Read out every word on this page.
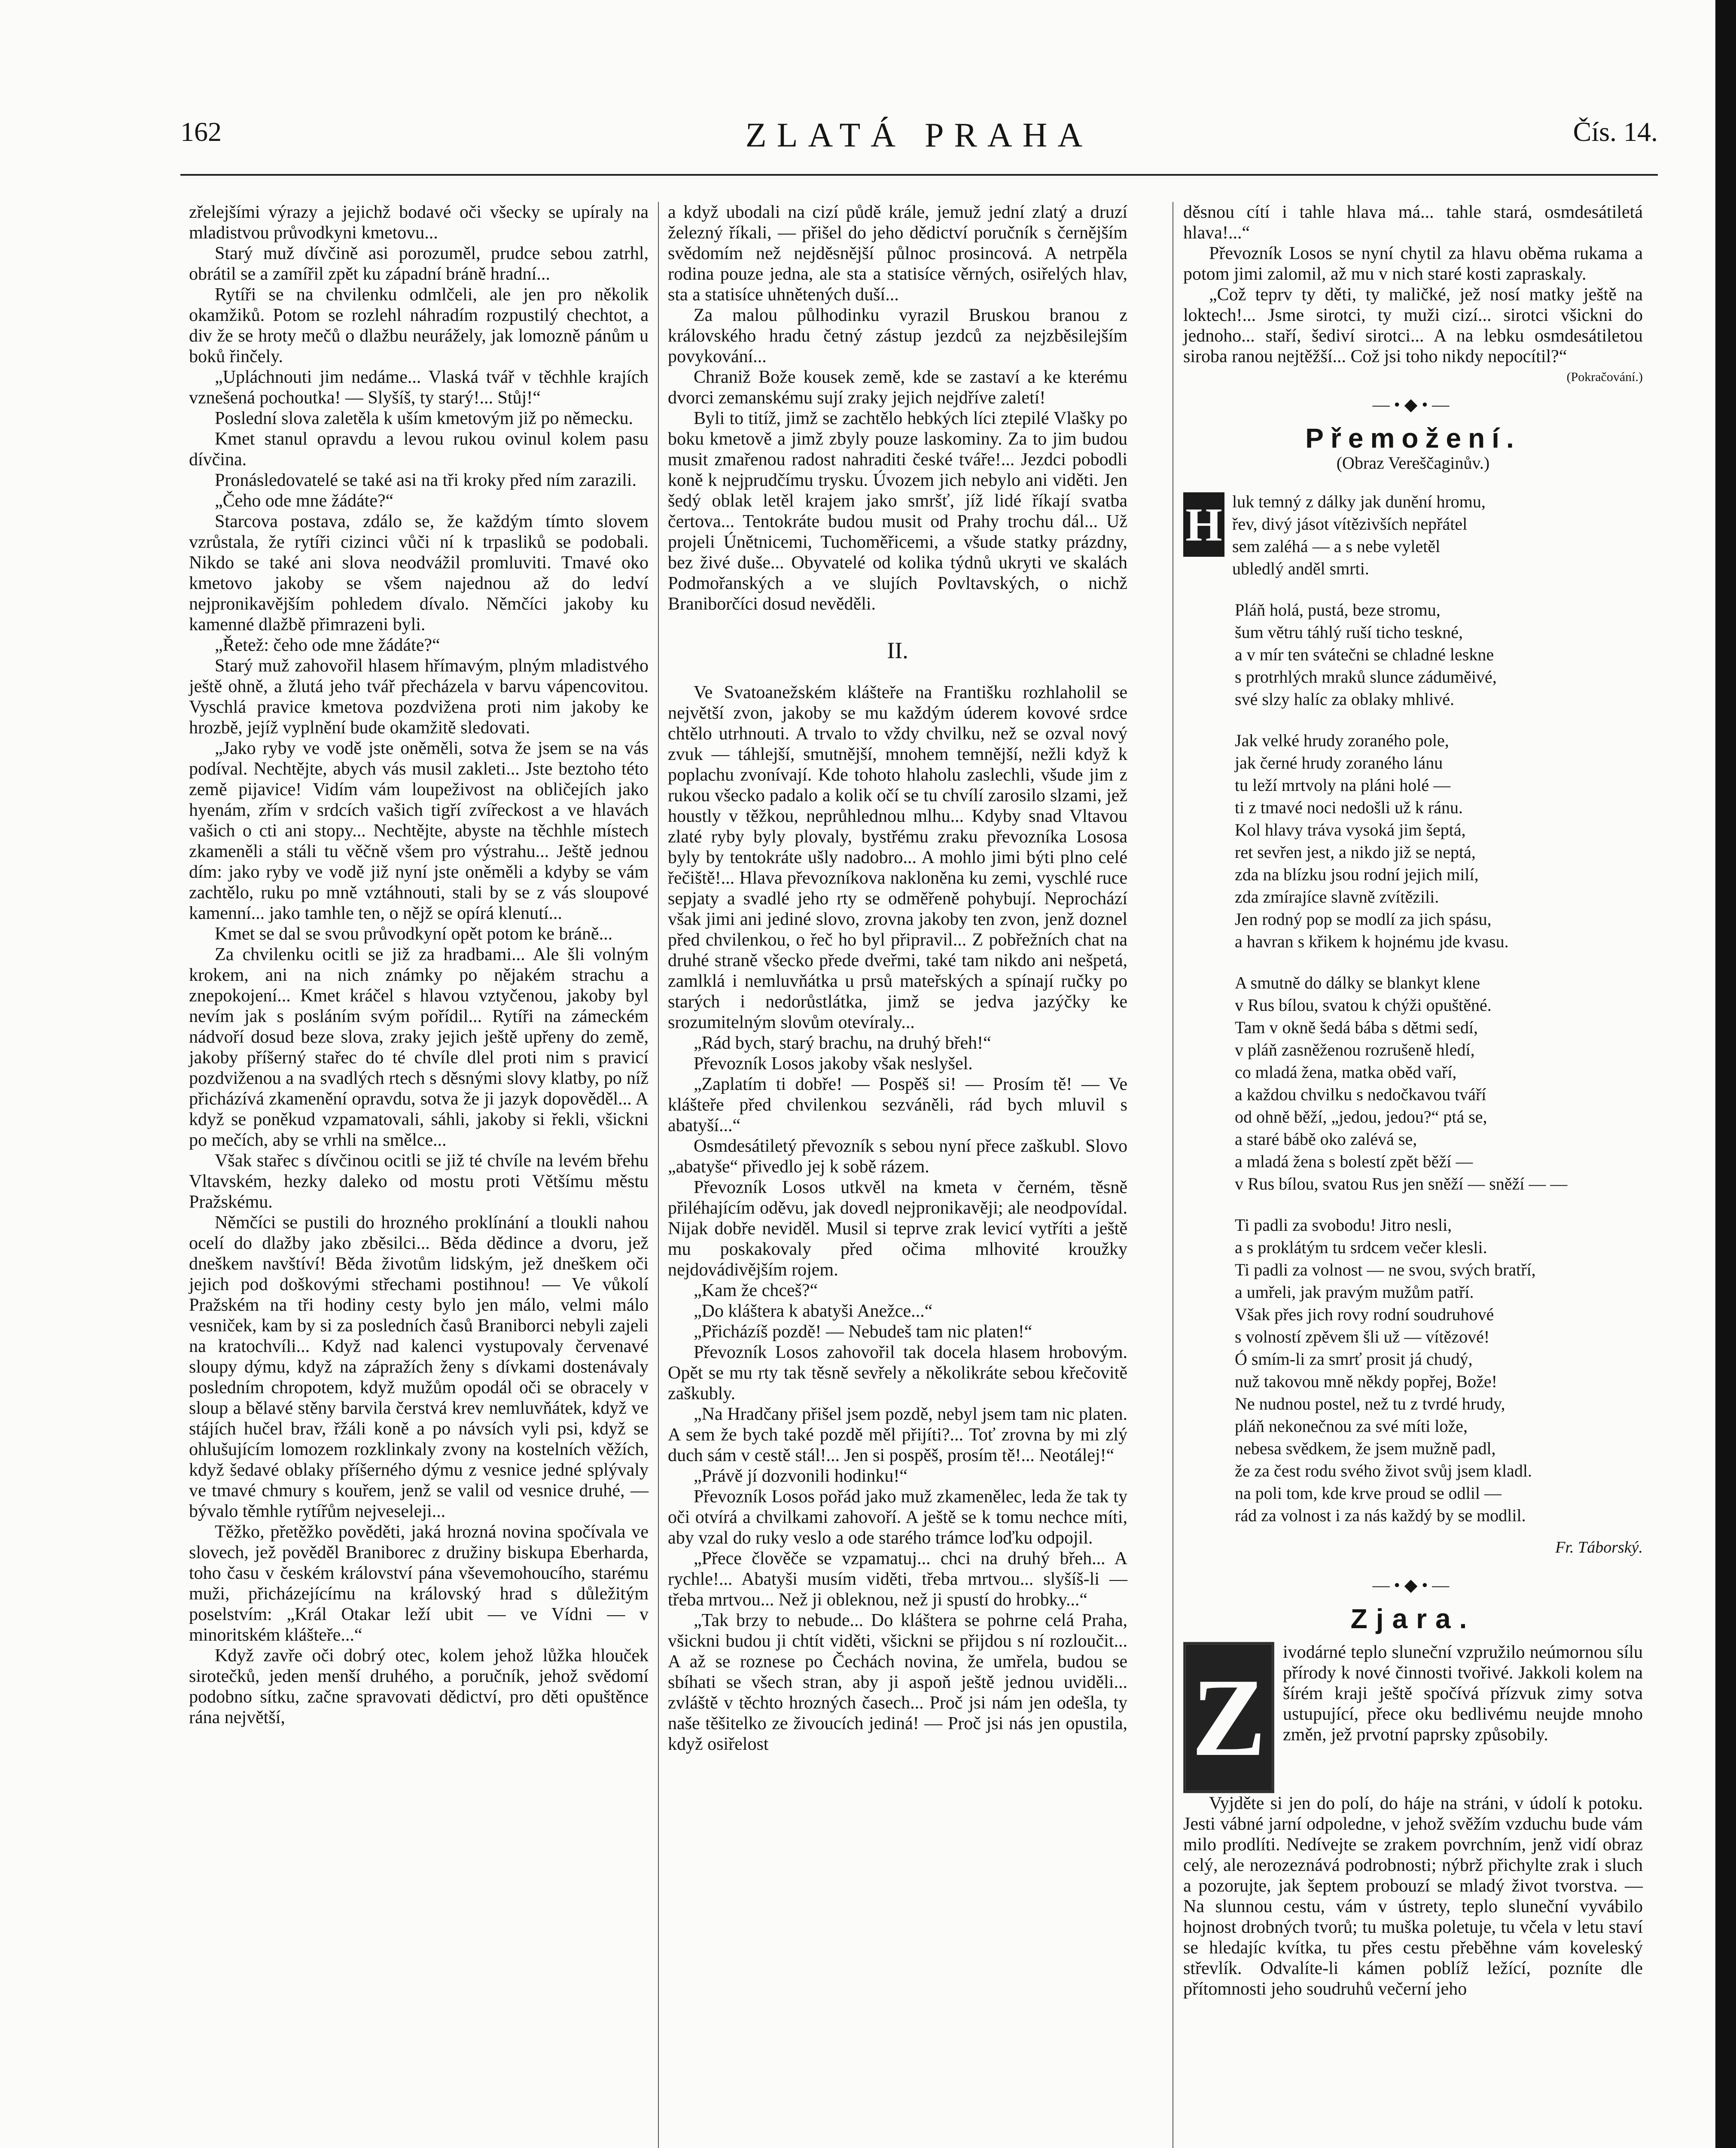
162	ZLATÁ PRAHA	Čís. 14.

zřelejšími výrazy a jejichž bodavé oči všecky se upíraly na mladistvou průvodkyni kmetovu...

Starý muž dívčině asi porozuměl, prudce sebou zatrhl, obrátil se a zamířil zpět ku západní bráně hradní...

Rytíři se na chvilenku odmlčeli, ale jen pro několik okamžiků. Potom se rozlehl náhradím rozpustilý chechtot, a div že se hroty mečů o dlažbu neurážely, jak lomozně pánům u boků řinčely.

„Upláchnouti jim nedáme... Vlaská tvář v těchhle krajích vznešená pochoutka! — Slyšíš, ty starý!... Stůj!“

Poslední slova zaletěla k uším kmetovým již po německu.

Kmet stanul opravdu a levou rukou ovinul kolem pasu dívčina.

Pronásledovatelé se také asi na tři kroky před ním zarazili.

„Čeho ode mne žádáte?“

Starcova postava, zdálo se, že každým tímto slovem vzrůstala, že rytíři cizinci vůči ní k trpasliků se podobali. Nikdo se také ani slova neodvážil promluviti. Tmavé oko kmetovo jakoby se všem najednou až do ledví nejpronikavějším pohledem dívalo. Němčíci jakoby ku kamenné dlažbě přimrazeni byli.

„Řetež: čeho ode mne žádáte?“

Starý muž zahovořil hlasem hřímavým, plným mladistvého ještě ohně, a žlutá jeho tvář přecházela v barvu vápencovitou. Vyschlá pravice kmetova pozdvižena proti nim jakoby ke hrozbě, jejíž vyplnění bude okamžitě sledovati.

„Jako ryby ve vodě jste oněměli, sotva že jsem se na vás podíval. Nechtějte, abych vás musil zakleti... Jste beztoho této země pijavice! Vidím vám loupeživost na obličejích jako hyenám, zřím v srdcích vašich tigří zvířeckost a ve hlavách vašich o cti ani stopy... Nechtějte, abyste na těchhle místech zkameněli a stáli tu věčně všem pro výstrahu... Ještě jednou dím: jako ryby ve vodě již nyní jste oněměli a kdyby se vám zachtělo, ruku po mně vztáhnouti, stali by se z vás sloupové kamenní... jako tamhle ten, o nějž se opírá klenutí...

Kmet se dal se svou průvodkyní opět potom ke bráně...

Za chvilenku ocitli se již za hradbami... Ale šli volným krokem, ani na nich známky po nějakém strachu a znepokojení... Kmet kráčel s hlavou vztyčenou, jakoby byl nevím jak s posláním svým pořídil... Rytíři na zámeckém nádvoří dosud beze slova, zraky jejich ještě upřeny do země, jakoby příšerný stařec do té chvíle dlel proti nim s pravicí pozdviženou a na svadlých rtech s děsnými slovy klatby, po níž přicházívá zkamenění opravdu, sotva že ji jazyk dopověděl... A když se poněkud vzpamatovali, sáhli, jakoby si řekli, všickni po mečích, aby se vrhli na smělce...

Však stařec s dívčinou ocitli se již té chvíle na levém břehu Vltavském, hezky daleko od mostu proti Většímu městu Pražskému.

Němčíci se pustili do hrozného proklínání a tloukli nahou ocelí do dlažby jako zběsilci... Běda dědince a dvoru, jež dneškem navštíví! Běda životům lidským, jež dneškem oči jejich pod doškovými střechami postihnou! — Ve vůkolí Pražském na tři hodiny cesty bylo jen málo, velmi málo vesniček, kam by si za posledních časů Braniborci nebyli zajeli na kratochvíli... Když nad kalenci vystupovaly červenavé sloupy dýmu, když na zápražích ženy s dívkami dostenávaly posledním chropotem, když mužům opodál oči se obracely v sloup a bělavé stěny barvila čerstvá krev nemluvňátek, když ve stájích hučel brav, řžáli koně a po návsích vyli psi, když se ohlušujícím lomozem rozklinkaly zvony na kostelních věžích, když šedavé oblaky příšerného dýmu z vesnice jedné splývaly ve tmavé chmury s kouřem, jenž se valil od vesnice druhé, — bývalo těmhle rytířům nejveseleji...

Těžko, přetěžko pověděti, jaká hrozná novina spočívala ve slovech, jež pověděl Braniborec z družiny biskupa Eberharda, toho času v českém království pána vševemohoucího, starému muži, přicházejícímu na královský hrad s důležitým poselstvím: „Král Otakar leží ubit — ve Vídni — v minoritském klášteře...“

Když zavře oči dobrý otec, kolem jehož lůžka hlouček sirotečků, jeden menší druhého, a poručník, jehož svědomí podobno sítku, začne spravovati dědictví, pro děti opuštěnce rána největší,

a když ubodali na cizí půdě krále, jemuž jední zlatý a druzí železný říkali, — přišel do jeho dědictví poručník s černějším svědomím než nejděsnější půlnoc prosincová. A netrpěla rodina pouze jedna, ale sta a statisíce věrných, osiřelých hlav, sta a statisíce uhnětených duší...

Za malou půlhodinku vyrazil Bruskou branou z královského hradu četný zástup jezdců za nejzběsilejším povykování...

Chraniž Bože kousek země, kde se zastaví a ke kterému dvorci zemanskému sují zraky jejich nejdříve zaletí!

Byli to titíž, jimž se zachtělo hebkých líci ztepilé Vlašky po boku kmetově a jimž zbyly pouze laskominy. Za to jim budou musit zmařenou radost nahraditi české tváře!... Jezdci pobodli koně k nejprudčímu trysku. Úvozem jich nebylo ani viděti. Jen šedý oblak letěl krajem jako smršť, jíž lidé říkají svatba čertova... Tentokráte budou musit od Prahy trochu dál... Už projeli Únětnicemi, Tuchoměřicemi, a všude statky prázdny, bez živé duše... Obyvatelé od kolika týdnů ukryti ve skalách Podmořanských a ve slujích Povltavských, o nichž Braniborčíci dosud nevěděli.

II.

Ve Svatoanežském klášteře na Františku rozhlaholil se největší zvon, jakoby se mu každým úderem kovové srdce chtělo utrhnouti. A trvalo to vždy chvilku, než se ozval nový zvuk — táhlejší, smutnější, mnohem temnější, nežli když k poplachu zvonívají. Kde tohoto hlaholu zaslechli, všude jim z rukou všecko padalo a kolik očí se tu chvílí zarosilo slzami, jež houstly v těžkou, neprůhlednou mlhu... Kdyby snad Vltavou zlaté ryby byly plovaly, bystřému zraku převozníka Lososa byly by tentokráte ušly nadobro... A mohlo jimi býti plno celé řečiště!... Hlava převozníkova nakloněna ku zemi, vyschlé ruce sepjaty a svadlé jeho rty se odměřeně pohybují. Neprochází však jimi ani jediné slovo, zrovna jakoby ten zvon, jenž doznel před chvilenkou, o řeč ho byl připravil... Z pobřežních chat na druhé straně všecko přede dveřmi, také tam nikdo ani nešpetá, zamlklá i nemluvňátka u prsů mateřských a spínají ručky po starých i nedorůstlátka, jimž se jedva jazýčky ke srozumitelným slovům otevíraly...

„Rád bych, starý brachu, na druhý břeh!“

Převozník Losos jakoby však neslyšel.

„Zaplatím ti dobře! — Pospěš si! — Prosím tě! — Ve klášteře před chvilenkou sezváněli, rád bych mluvil s abatyší...“

Osmdesátiletý převozník s sebou nyní přece zaškubl. Slovo „abatyše“ přivedlo jej k sobě rázem.

Převozník Losos utkvěl na kmeta v černém, těsně přiléhajícím oděvu, jak dovedl nejpronikavěji; ale neodpovídal. Nijak dobře neviděl. Musil si teprve zrak levicí vytříti a ještě mu poskakovaly před očima mlhovité kroužky nejdovádivějším rojem.

„Kam že chceš?“

„Do kláštera k abatyši Anežce...“

„Přicházíš pozdě! — Nebudeš tam nic platen!“

Převozník Losos zahovořil tak docela hlasem hrobovým. Opět se mu rty tak těsně sevřely a několikráte sebou křečovitě zaškubly.

„Na Hradčany přišel jsem pozdě, nebyl jsem tam nic platen. A sem že bych také pozdě měl přijíti?... Toť zrovna by mi zlý duch sám v cestě stál!... Jen si pospěš, prosím tě!... Neotálej!“

„Právě jí dozvonili hodinku!“

Převozník Losos pořád jako muž zkamenělec, leda že tak ty oči otvírá a chvilkami zahovoří. A ještě se k tomu nechce míti, aby vzal do ruky veslo a ode starého trámce loďku odpojil.

„Přece člověče se vzpamatuj... chci na druhý břeh... A rychle!... Abatyši musím viděti, třeba mrtvou... slyšíš-li — třeba mrtvou... Než ji obleknou, než ji spustí do hrobky...“

„Tak brzy to nebude... Do kláštera se pohrne celá Praha, všickni budou ji chtít viděti, všickni se přijdou s ní rozloučit... A až se roznese po Čechách novina, že umřela, budou se sbíhati se všech stran, aby ji aspoň ještě jednou uviděli... zvláště v těchto hrozných časech... Proč jsi nám jen odešla, ty naše těšitelko ze živoucích jediná! — Proč jsi nás jen opustila, když osiřelost

děsnou cítí i tahle hlava má... tahle stará, osmdesátiletá hlava!...“

Převozník Losos se nyní chytil za hlavu oběma rukama a potom jimi zalomil, až mu v nich staré kosti zapraskaly.

„Což teprv ty děti, ty maličké, jež nosí matky ještě na loktech!... Jsme sirotci, ty muži cizí... sirotci všickni do jednoho... staří, šediví sirotci... A na lebku osmdesátiletou siroba ranou nejtěžší... Což jsi toho nikdy nepocítil?“

(Pokračování.)
—•◆•—
Přemožení.
(Obraz Vereščaginův.)
H luk temný z dálky jak dunění hromu,
řev, divý jásot vítězivších nepřátel
sem zaléhá — a s nebe vyletěl
ubledlý anděl smrti.
Pláň holá, pustá, beze stromu,
šum větru táhlý ruší ticho teskné,
a v mír ten svátečni se chladné leskne
s protrhlých mraků slunce záduměivé,
své slzy halíc za oblaky mhlivé.
Jak velké hrudy zoraného pole,
jak černé hrudy zoraného lánu
tu leží mrtvoly na pláni holé —
ti z tmavé noci nedošli už k ránu.
Kol hlavy tráva vysoká jim šeptá,
ret sevřen jest, a nikdo již se neptá,
zda na blízku jsou rodní jejich milí,
zda zmírajíce slavně zvítězili.
Jen rodný pop se modlí za jich spásu,
a havran s křikem k hojnému jde kvasu.
A smutně do dálky se blankyt klene
v Rus bílou, svatou k chýži opuštěné.
Tam v okně šedá bába s dětmi sedí,
v pláň zasněženou rozrušeně hledí,
co mladá žena, matka oběd vaří,
a každou chvilku s nedočkavou tváří
od ohně běží, „jedou, jedou?“ ptá se,
a staré bábě oko zalévá se,
a mladá žena s bolestí zpět běží —
v Rus bílou, svatou Rus jen sněží — sněží — —
Ti padli za svobodu! Jitro nesli,
a s proklátým tu srdcem večer klesli.
Ti padli za volnost — ne svou, svých bratří,
a umřeli, jak pravým mužům patří.
Však přes jich rovy rodní soudruhové
s volností zpěvem šli už — vítězové!
Ó smím-li za smrť prosit já chudý,
nuž takovou mně někdy popřej, Bože!
Ne nudnou postel, než tu z tvrdé hrudy,
pláň nekonečnou za své míti lože,
nebesa svědkem, že jsem mužně padl,
že za čest rodu svého život svůj jsem kladl.
na poli tom, kde krve proud se odlil —
rád za volnost i za nás každý by se modlil.
Fr. Táborský.
—•◆•—
Zjara.
Z

ivodárné teplo sluneční vzpružilo neúmornou sílu přírody k nové činnosti tvořivé. Jakkoli kolem na šírém kraji ještě spočívá přízvuk zimy sotva ustupující, přece oku bedlivému neujde mnoho změn, jež prvotní paprsky způsobily.

Vyjděte si jen do polí, do háje na stráni, v údolí k potoku. Jesti vábné jarní odpoledne, v jehož svěžím vzduchu bude vám milo prodlíti. Nedívejte se zrakem povrchním, jenž vidí obraz celý, ale nerozeznává podrobnosti; nýbrž přichylte zrak i sluch a pozorujte, jak šeptem probouzí se mladý život tvorstva. — Na slunnou cestu, vám v ústrety, teplo sluneční vyvábilo hojnost drobných tvorů; tu muška poletuje, tu včela v letu staví se hledajíc kvítka, tu přes cestu přeběhne vám koveleský střevlík. Odvalíte-li kámen poblíž ležící, pozníte dle přítomnosti jeho soudruhů večerní jeho
